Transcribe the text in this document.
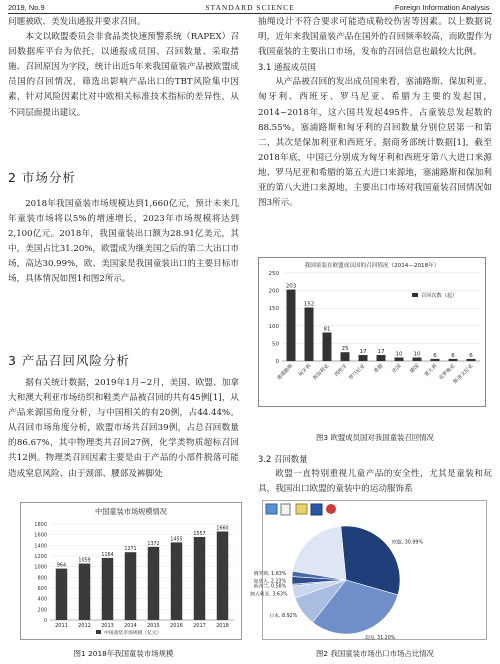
2019, No.9	STANDARD SCIENCE	·Foreign Information Analysis·

问题被欧、美发出通报并要求召回。

本文以欧盟委员会非食品类快速预警系统（RAPEX）召回数据库平台为依托，以通报成员国、召回数量、采取措施、召回原因为字段，统计出近5年来我国童装产品被欧盟成员国的召回情况，筛选出影响产品出口的TBT风险集中因素，针对风险因素比对中欧相关标准技术指标的差异性，从不同层面提出建议。

2 市场分析

2018年我国童装市场规模达到1,660亿元，预计未来几年童装市场将以5%的增速增长，2023年市场规模将达到2,100亿元。2018年，我国童装出口额为28.91亿美元，其中，美国占比31.20%，欧盟成为继美国之后的第二大出口市场，高达30.99%，欧、美国家是我国童装出口的主要目标市场，具体情况如图1和图2所示。

3 产品召回风险分析

据有关统计数据，2019年1月~2月，美国、欧盟、加拿大和澳大利亚市场纺织和鞋类产品被召回的共有45例[1]，从产品来源国角度分析，与中国相关的有20例，占44.44%。从召回市场角度分析，欧盟市场共召回39例，占总召回数量的86.67%，其中物理类共召回27例，化学类物质超标召回共12例。物理类召回因素主要是由于产品的小部件脱落可能造成窒息风险、由于颈部、腰部及裤脚处

抽绳设计不符合要求可能造成勒绞伤害等因素。以上数据说明，近年来我国童装产品在国外的召回频率较高，而欧盟作为我国童装的主要出口市场，发布的召回信息也最较大比例。

3.1 通报成员国

从产品被召回的发出成员国来看，塞浦路斯、保加利亚、匈牙利、西班牙、罗马尼亚、希腊为主要的发起国，2014~2018年，这六国共发起495件，占童装总发起数的88.55%。塞浦路斯和匈牙利的召回数量分别位居第一和第二，其次是保加利亚和西班牙。据商务部统计数据[1]，截至2018年底，中国已分别成为匈牙利和西班牙第八大进口来源地、罗马尼亚和希腊的第五大进口来源地，塞浦路斯和保加利亚的第八大进口来源地，主要出口市场对我国童装召回情况如图3所示。

我国童装在欧盟成员国的召回情况（2014—2018年）
0
50
100
150
200
250
203
塞浦路斯
152
匈牙利
81
保加利亚
25
西班牙
17
罗马尼亚
17
希腊
10
法国
10
德国
6
意大利
6
克罗地亚
6
斯洛文尼亚
召回次数（起）
图3 欧盟成员国对我国童装召回情况

3.2 召回数量

欧盟一直特别重视儿童产品的安全性，尤其是童装和玩具，我国出口欧盟的童装中的运动服饰系

中国童装市场规模情况
0
200
400
600
800
1000
1200
1400
1600
1800
964
2011
1059
2012
1164
2013
1271
2014
1372
2015
1455
2016
1557
2017
1660
2018
中国童装市场规模（亿元）
图1 2018年我国童装市场规模
欧盟, 30.99%
美国, 31.20%
日本, 8.92%
澳大利亚, 3.63%
新西兰, 0.58%
加拿大, 2.23%
俄罗斯, 1.63%
图2 我国童装市场出口市场占比情况
